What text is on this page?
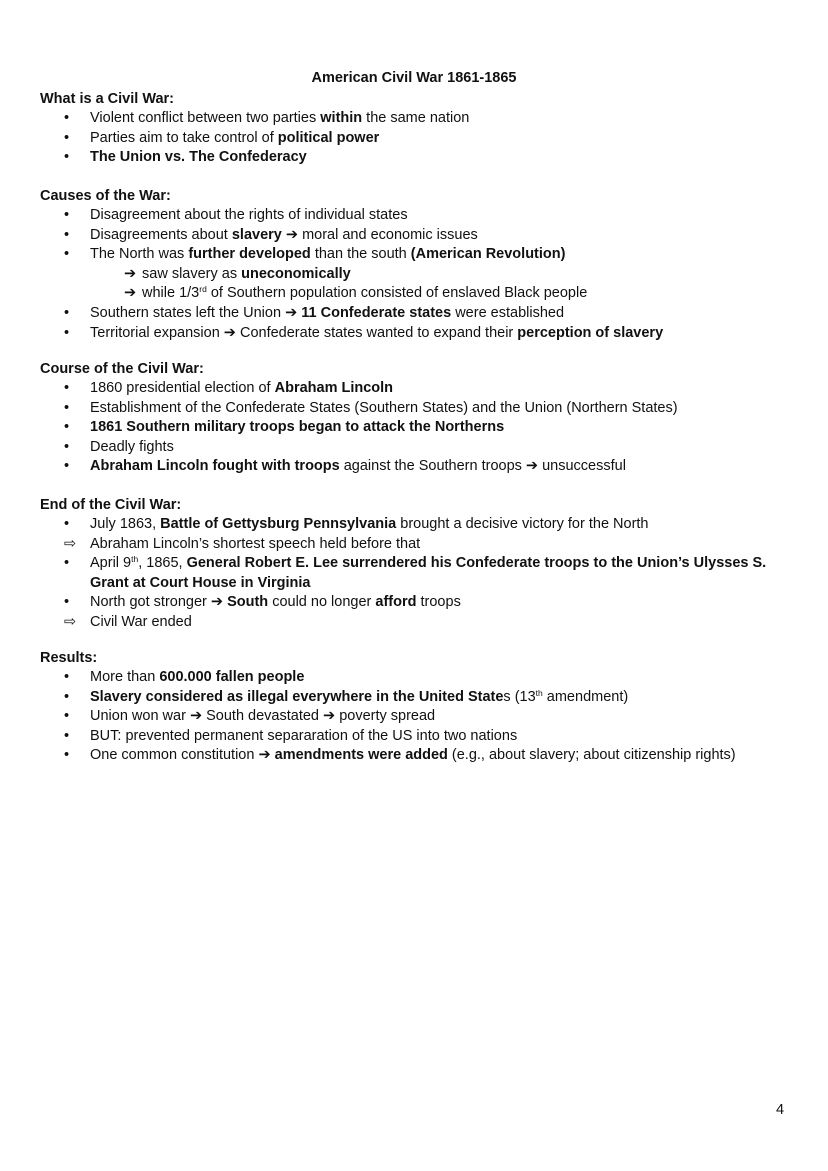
American Civil War 1861-1865
What is a Civil War:
•	Violent conflict between two parties within the same nation
•	Parties aim to take control of political power
•	The Union vs. The Confederacy
Causes of the War:
•	Disagreement about the rights of individual states
•	Disagreements about slavery ➔ moral and economic issues
•	The North was further developed than the south (American Revolution)
➔ saw slavery as uneconomically
➔ while 1/3rd of Southern population consisted of enslaved Black people
•	Southern states left the Union ➔ 11 Confederate states were established
•	Territorial expansion ➔ Confederate states wanted to expand their perception of slavery
Course of the Civil War:
•	1860 presidential election of Abraham Lincoln
•	Establishment of the Confederate States (Southern States) and the Union (Northern States)
•	1861 Southern military troops began to attack the Northerns
•	Deadly fights
•	Abraham Lincoln fought with troops against the Southern troops ➔ unsuccessful
End of the Civil War:
•	July 1863, Battle of Gettysburg Pennsylvania brought a decisive victory for the North
⇨ Abraham Lincoln’s shortest speech held before that
•	April 9th, 1865, General Robert E. Lee surrendered his Confederate troops to the Union’s Ulysses S. Grant at Court House in Virginia
•	North got stronger ➔ South could no longer afford troops
⇨ Civil War ended
Results:
•	More than 600.000 fallen people
•	Slavery considered as illegal everywhere in the United States (13th amendment)
•	Union won war ➔ South devastated ➔ poverty spread
•	BUT: prevented permanent separaration of the US into two nations
•	One common constitution ➔ amendments were added (e.g., about slavery; about citizenship rights)
4
